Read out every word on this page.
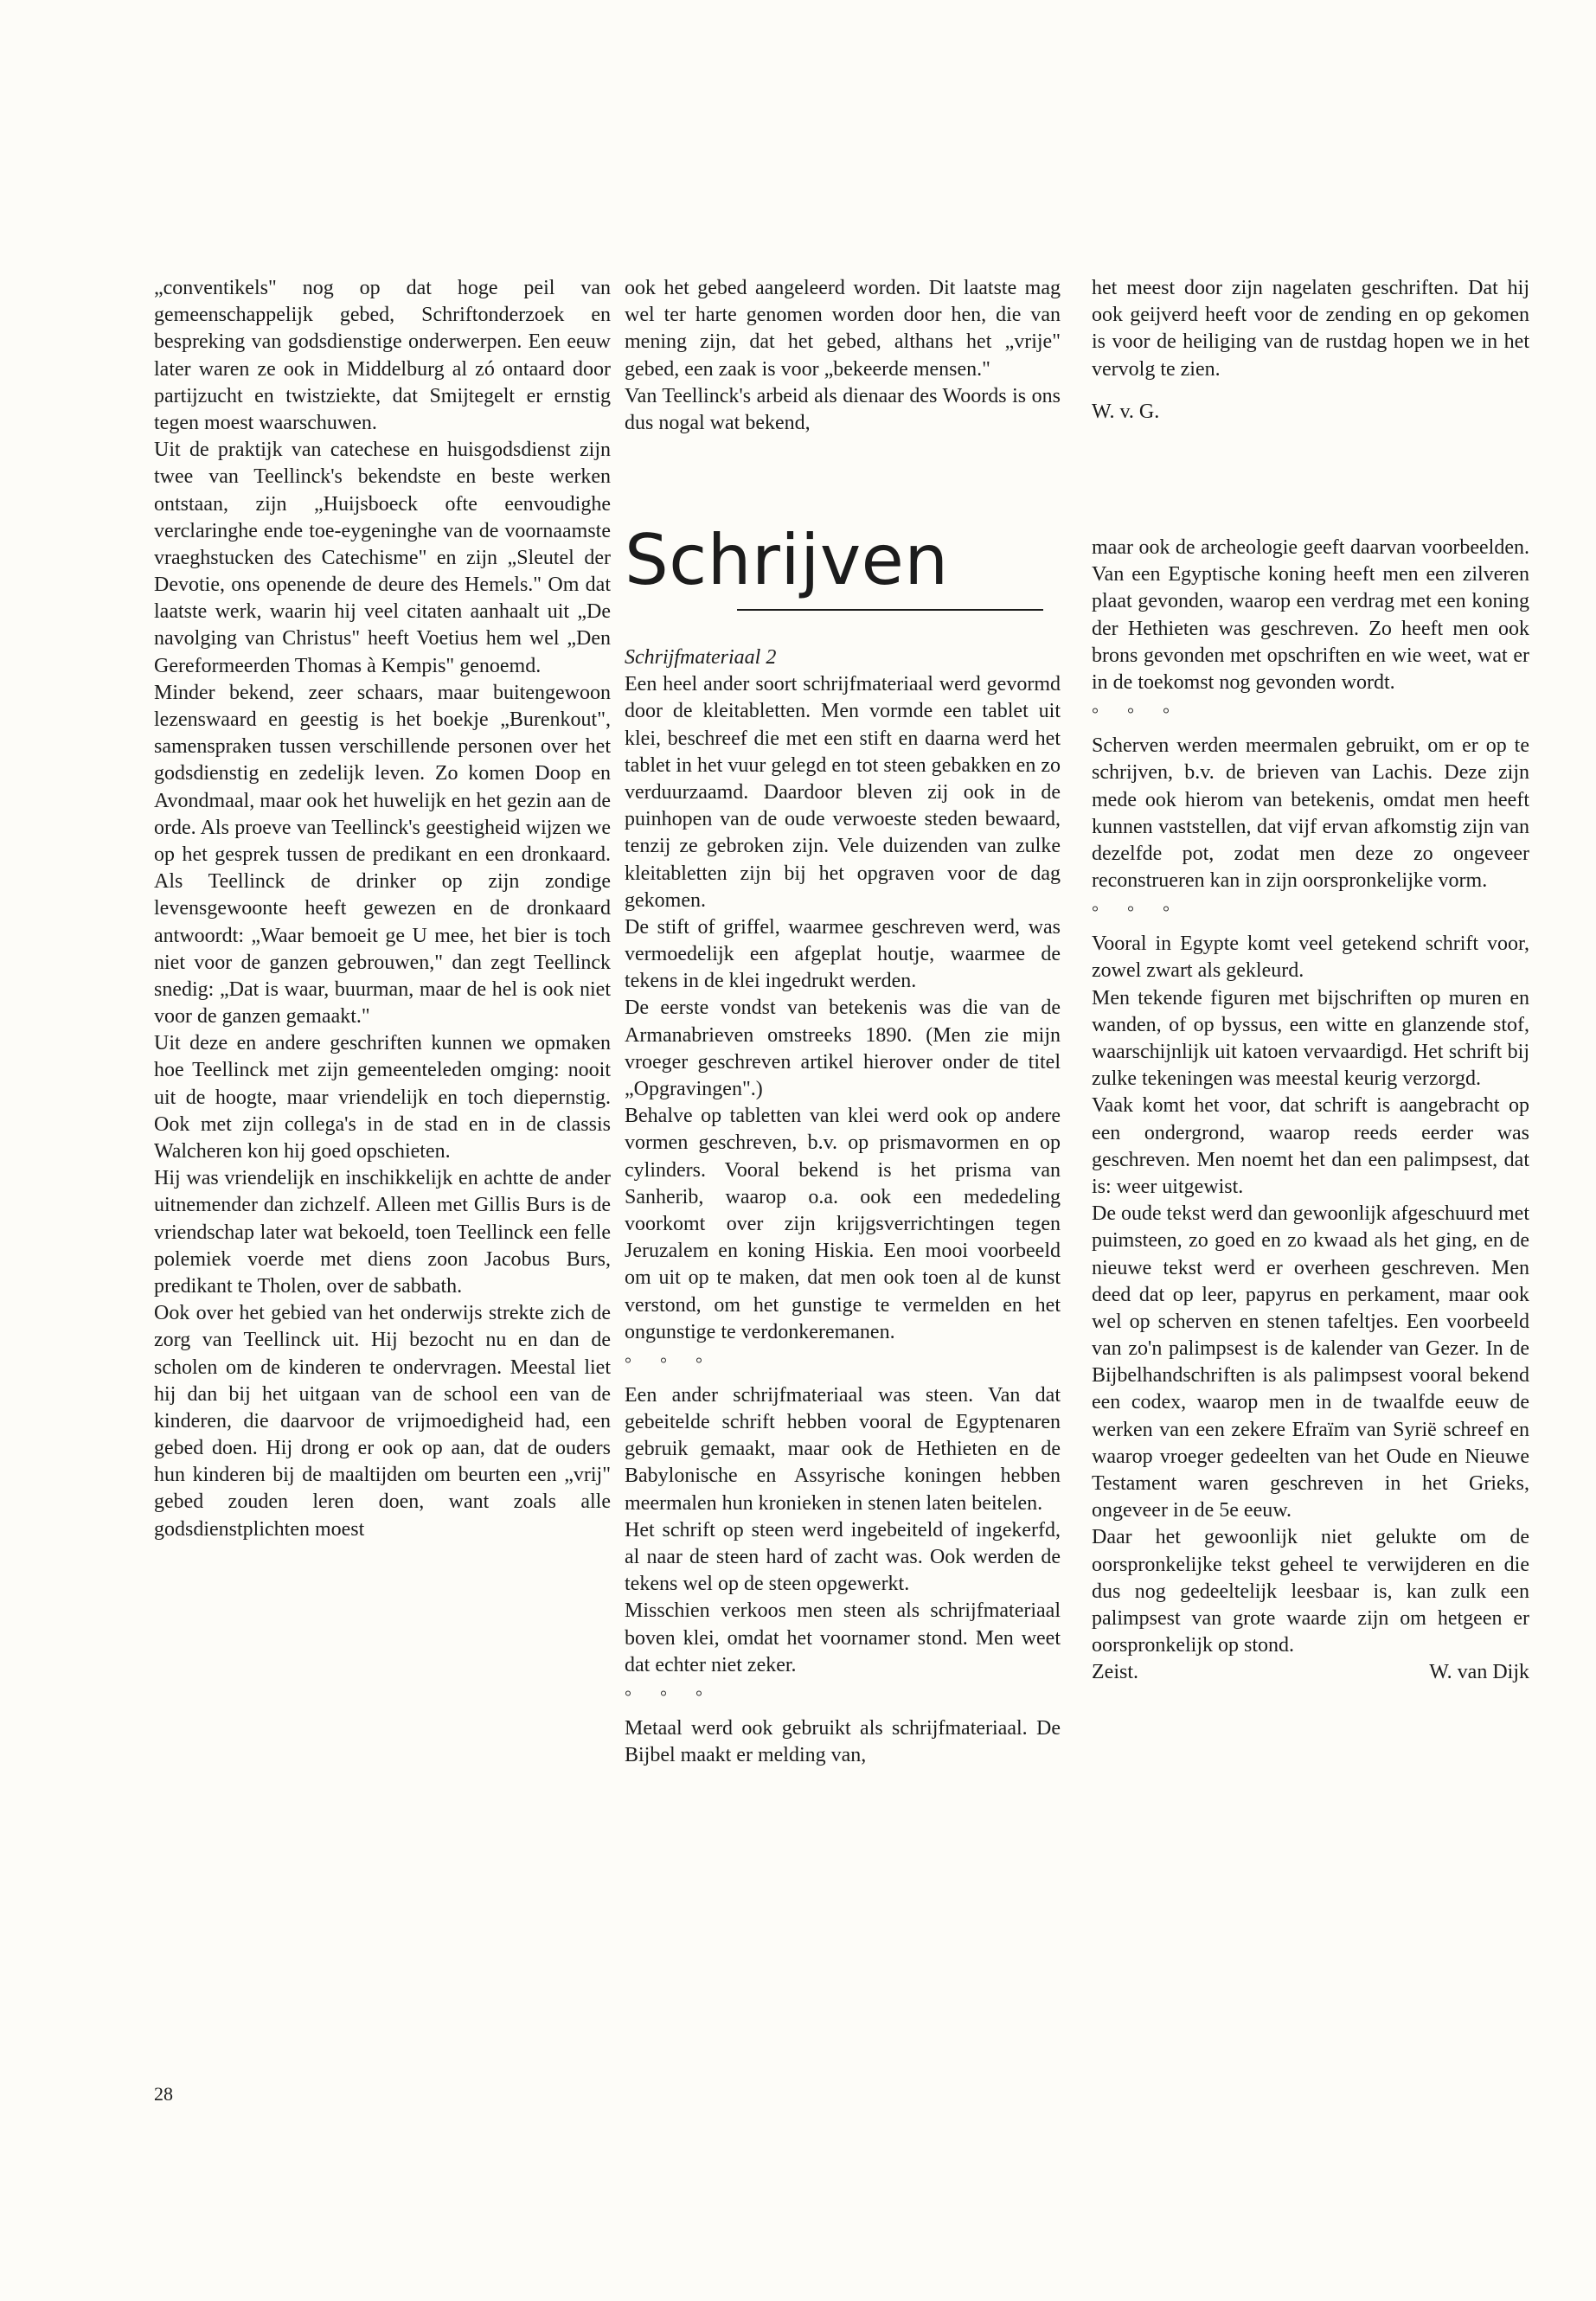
„conventikels" nog op dat hoge peil van gemeenschappelijk gebed, Schriftonderzoek en bespreking van godsdienstige onderwerpen. Een eeuw later waren ze ook in Middelburg al zó ontaard door partijzucht en twistziekte, dat Smijtegelt er ernstig tegen moest waarschuwen.

Uit de praktijk van catechese en huisgodsdienst zijn twee van Teellinck's bekendste en beste werken ontstaan, zijn „Huijsboeck ofte eenvoudighe verclaringhe ende toe-eygeninghe van de voornaamste vraeghstucken des Catechisme" en zijn „Sleutel der Devotie, ons openende de deure des Hemels." Om dat laatste werk, waarin hij veel citaten aanhaalt uit „De navolging van Christus" heeft Voetius hem wel „Den Gereformeerden Thomas à Kempis" genoemd.

Minder bekend, zeer schaars, maar buitengewoon lezenswaard en geestig is het boekje „Burenkout", samenspraken tussen verschillende personen over het godsdienstig en zedelijk leven. Zo komen Doop en Avondmaal, maar ook het huwelijk en het gezin aan de orde. Als proeve van Teellinck's geestigheid wijzen we op het gesprek tussen de predikant en een dronkaard. Als Teellinck de drinker op zijn zondige levensgewoonte heeft gewezen en de dronkaard antwoordt: „Waar bemoeit ge U mee, het bier is toch niet voor de ganzen gebrouwen," dan zegt Teellinck snedig: „Dat is waar, buurman, maar de hel is ook niet voor de ganzen gemaakt."

Uit deze en andere geschriften kunnen we opmaken hoe Teellinck met zijn gemeenteleden omging: nooit uit de hoogte, maar vriendelijk en toch diepernstig. Ook met zijn collega's in de stad en in de classis Walcheren kon hij goed opschieten.

Hij was vriendelijk en inschikkelijk en achtte de ander uitnemender dan zichzelf. Alleen met Gillis Burs is de vriendschap later wat bekoeld, toen Teellinck een felle polemiek voerde met diens zoon Jacobus Burs, predikant te Tholen, over de sabbath.

Ook over het gebied van het onderwijs strekte zich de zorg van Teellinck uit. Hij bezocht nu en dan de scholen om de kinderen te ondervragen. Meestal liet hij dan bij het uitgaan van de school een van de kinderen, die daarvoor de vrijmoedigheid had, een gebed doen. Hij drong er ook op aan, dat de ouders hun kinderen bij de maaltijden om beurten een „vrij" gebed zouden leren doen, want zoals alle godsdienstplichten moest

ook het gebed aangeleerd worden. Dit laatste mag wel ter harte genomen worden door hen, die van mening zijn, dat het gebed, althans het „vrije" gebed, een zaak is voor „bekeerde mensen."

Van Teellinck's arbeid als dienaar des Woords is ons dus nogal wat bekend,

het meest door zijn nagelaten geschriften. Dat hij ook geijverd heeft voor de zending en op gekomen is voor de heiliging van de rustdag hopen we in het vervolg te zien.

W. v. G.

Schrijven

Schrijfmateriaal 2

Een heel ander soort schrijfmateriaal werd gevormd door de kleitabletten. Men vormde een tablet uit klei, beschreef die met een stift en daarna werd het tablet in het vuur gelegd en tot steen gebakken en zo verduurzaamd. Daardoor bleven zij ook in de puinhopen van de oude verwoeste steden bewaard, tenzij ze gebroken zijn. Vele duizenden van zulke kleitabletten zijn bij het opgraven voor de dag gekomen.

De stift of griffel, waarmee geschreven werd, was vermoedelijk een afgeplat houtje, waarmee de tekens in de klei ingedrukt werden.

De eerste vondst van betekenis was die van de Armanabrieven omstreeks 1890. (Men zie mijn vroeger geschreven artikel hierover onder de titel „Opgravingen".)

Behalve op tabletten van klei werd ook op andere vormen geschreven, b.v. op prismavormen en op cylinders. Vooral bekend is het prisma van Sanherib, waarop o.a. ook een mededeling voorkomt over zijn krijgsverrichtingen tegen Jeruzalem en koning Hiskia. Een mooi voorbeeld om uit op te maken, dat men ook toen al de kunst verstond, om het gunstige te vermelden en het ongunstige te verdonkeremanen.

° ° °

Een ander schrijfmateriaal was steen. Van dat gebeitelde schrift hebben vooral de Egyptenaren gebruik gemaakt, maar ook de Hethieten en de Babylonische en Assyrische koningen hebben meermalen hun kronieken in stenen laten beitelen.

Het schrift op steen werd ingebeiteld of ingekerfd, al naar de steen hard of zacht was. Ook werden de tekens wel op de steen opgewerkt.

Misschien verkoos men steen als schrijfmateriaal boven klei, omdat het voornamer stond. Men weet dat echter niet zeker.

° ° °

Metaal werd ook gebruikt als schrijfmateriaal. De Bijbel maakt er melding van,

maar ook de archeologie geeft daarvan voorbeelden. Van een Egyptische koning heeft men een zilveren plaat gevonden, waarop een verdrag met een koning der Hethieten was geschreven. Zo heeft men ook brons gevonden met opschriften en wie weet, wat er in de toekomst nog gevonden wordt.

° ° °

Scherven werden meermalen gebruikt, om er op te schrijven, b.v. de brieven van Lachis. Deze zijn mede ook hierom van betekenis, omdat men heeft kunnen vaststellen, dat vijf ervan afkomstig zijn van dezelfde pot, zodat men deze zo ongeveer reconstrueren kan in zijn oorspronkelijke vorm.

° ° °

Vooral in Egypte komt veel getekend schrift voor, zowel zwart als gekleurd.

Men tekende figuren met bijschriften op muren en wanden, of op byssus, een witte en glanzende stof, waarschijnlijk uit katoen vervaardigd. Het schrift bij zulke tekeningen was meestal keurig verzorgd.

Vaak komt het voor, dat schrift is aangebracht op een ondergrond, waarop reeds eerder was geschreven. Men noemt het dan een palimpsest, dat is: weer uitgewist.

De oude tekst werd dan gewoonlijk afgeschuurd met puimsteen, zo goed en zo kwaad als het ging, en de nieuwe tekst werd er overheen geschreven. Men deed dat op leer, papyrus en perkament, maar ook wel op scherven en stenen tafeltjes. Een voorbeeld van zo'n palimpsest is de kalender van Gezer. In de Bijbelhandschriften is als palimpsest vooral bekend een codex, waarop men in de twaalfde eeuw de werken van een zekere Efraïm van Syrië schreef en waarop vroeger gedeelten van het Oude en Nieuwe Testament waren geschreven in het Grieks, ongeveer in de 5e eeuw.

Daar het gewoonlijk niet gelukte om de oorspronkelijke tekst geheel te verwijderen en die dus nog gedeeltelijk leesbaar is, kan zulk een palimpsest van grote waarde zijn om hetgeen er oorspronkelijk op stond.

Zeist.	W. van Dijk

28
